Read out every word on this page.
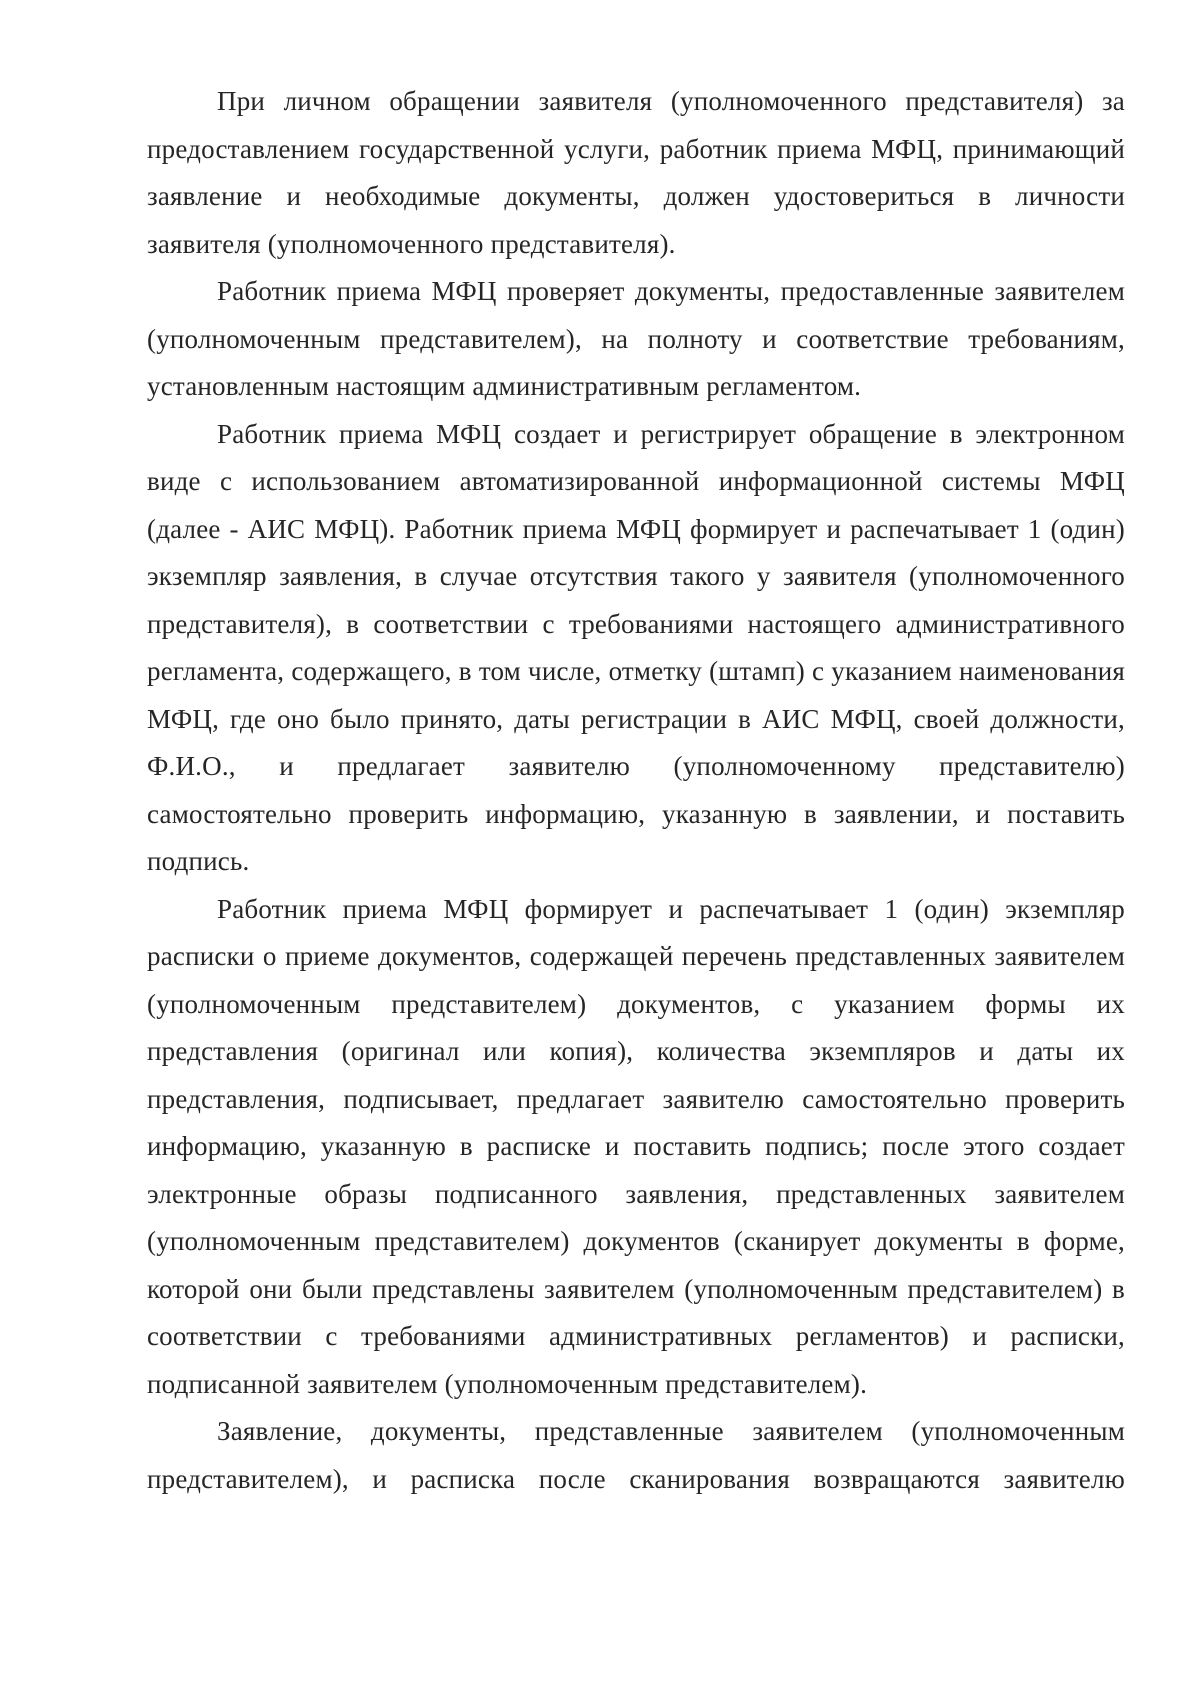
При личном обращении заявителя (уполномоченного представителя) за предоставлением государственной услуги, работник приема МФЦ, принимающий заявление и необходимые документы, должен удостовериться в личности заявителя (уполномоченного представителя).

Работник приема МФЦ проверяет документы, предоставленные заявителем (уполномоченным представителем), на полноту и соответствие требованиям, установленным настоящим административным регламентом.

Работник приема МФЦ создает и регистрирует обращение в электронном виде с использованием автоматизированной информационной системы МФЦ (далее - АИС МФЦ). Работник приема МФЦ формирует и распечатывает 1 (один) экземпляр заявления, в случае отсутствия такого у заявителя (уполномоченного представителя), в соответствии с требованиями настоящего административного регламента, содержащего, в том числе, отметку (штамп) с указанием наименования МФЦ, где оно было принято, даты регистрации в АИС МФЦ, своей должности, Ф.И.О., и предлагает заявителю (уполномоченному представителю) самостоятельно проверить информацию, указанную в заявлении, и поставить подпись.

Работник приема МФЦ формирует и распечатывает 1 (один) экземпляр расписки о приеме документов, содержащей перечень представленных заявителем (уполномоченным представителем) документов, с указанием формы их представления (оригинал или копия), количества экземпляров и даты их представления, подписывает, предлагает заявителю самостоятельно проверить информацию, указанную в расписке и поставить подпись; после этого создает электронные образы подписанного заявления, представленных заявителем (уполномоченным представителем) документов (сканирует документы в форме, которой они были представлены заявителем (уполномоченным представителем) в соответствии с требованиями административных регламентов) и расписки, подписанной заявителем (уполномоченным представителем).

Заявление, документы, представленные заявителем (уполномоченным представителем), и расписка после сканирования возвращаются заявителю
